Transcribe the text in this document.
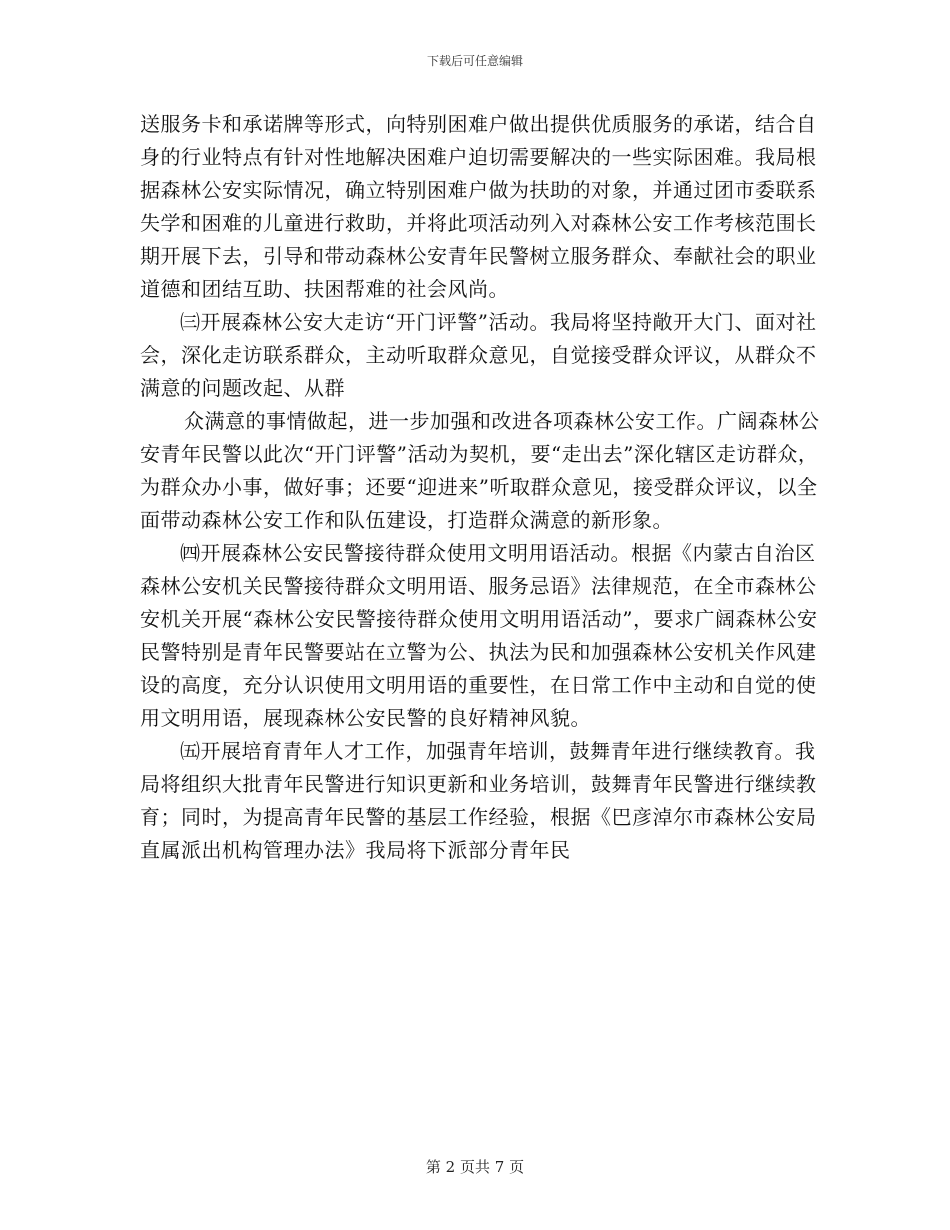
下载后可任意编辑

送服务卡和承诺牌等形式，向特别困难户做出提供优质服务的承诺，结合自身的行业特点有针对性地解决困难户迫切需要解决的一些实际困难。我局根据森林公安实际情况，确立特别困难户做为扶助的对象，并通过团市委联系失学和困难的儿童进行救助，并将此项活动列入对森林公安工作考核范围长期开展下去，引导和带动森林公安青年民警树立服务群众、奉献社会的职业道德和团结互助、扶困帮难的社会风尚。

㈢开展森林公安大走访“开门评警”活动。我局将坚持敞开大门、面对社会，深化走访联系群众，主动听取群众意见，自觉接受群众评议，从群众不满意的问题改起、从群

众满意的事情做起，进一步加强和改进各项森林公安工作。广阔森林公安青年民警以此次“开门评警”活动为契机，要“走出去”深化辖区走访群众，为群众办小事，做好事；还要“迎进来”听取群众意见，接受群众评议，以全面带动森林公安工作和队伍建设，打造群众满意的新形象。

㈣开展森林公安民警接待群众使用文明用语活动。根据《内蒙古自治区森林公安机关民警接待群众文明用语、服务忌语》法律规范，在全市森林公安机关开展“森林公安民警接待群众使用文明用语活动”，要求广阔森林公安民警特别是青年民警要站在立警为公、执法为民和加强森林公安机关作风建设的高度，充分认识使用文明用语的重要性，在日常工作中主动和自觉的使用文明用语，展现森林公安民警的良好精神风貌。

㈤开展培育青年人才工作，加强青年培训，鼓舞青年进行继续教育。我局将组织大批青年民警进行知识更新和业务培训，鼓舞青年民警进行继续教育；同时，为提高青年民警的基层工作经验，根据《巴彦淖尔市森林公安局直属派出机构管理办法》我局将下派部分青年民

第 2 页共 7 页
